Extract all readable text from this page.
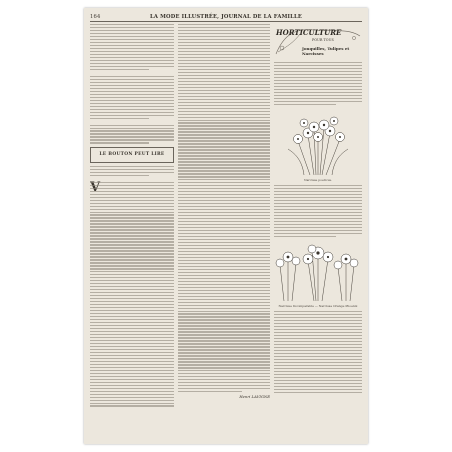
164	LA MODE ILLUSTRÉE, JOURNAL DE LA FAMILLE
LE BOUTON PEUT LIRE
Henri LAVIGNE
HORTICULTURE
POUR TOUS
Jonquilles, Tulipes et Narcisses
Narcisse poeticus.
Narcisse Incomparable — Narcisse Orange Phoenix
